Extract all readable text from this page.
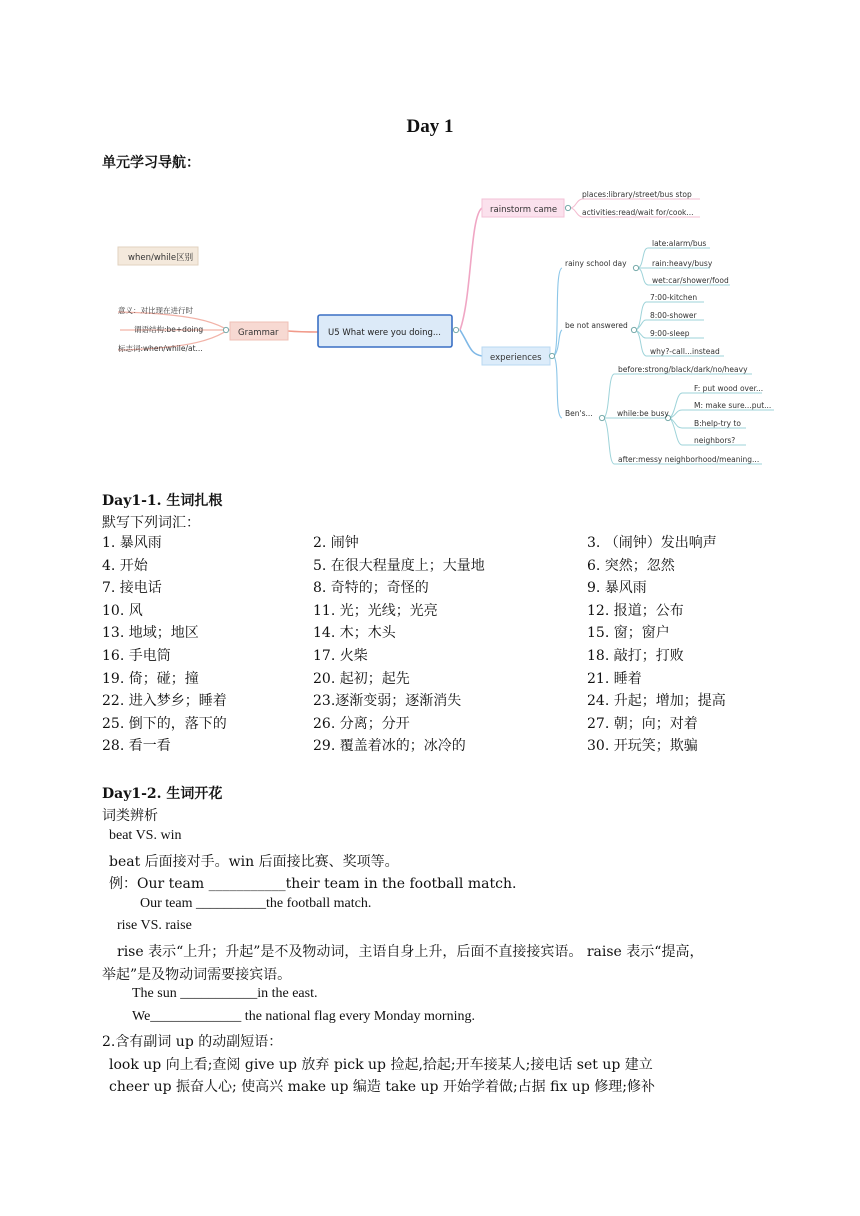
Day 1
单元学习导航：
when/while区别
Grammar	U5 What were you doing...
rainstorm came
experiences
意义：对比现在进行时
谓语结构:be+doing
标志词:when/while/at...
places:library/street/bus stop
activities:read/wait for/cook...
rainy school day
late:alarm/bus
rain:heavy/busy
wet:car/shower/food
be not answered
7:00-kitchen
8:00-shower
9:00-sleep
why?-call...instead
Ben's...
before:strong/black/dark/no/heavy
while:be busy
F: put wood over...
M: make sure...put...
B:help-try to
neighbors?
after:messy neighborhood/meaning...
Day1-1. 生词扎根
默写下列词汇：
1. 暴风雨	2. 闹钟	3. （闹钟）发出响声
4. 开始	5. 在很大程量度上；大量地	6. 突然；忽然
7. 接电话	8. 奇特的；奇怪的	9. 暴风雨
10. 风	11. 光；光线；光亮	12. 报道；公布
13. 地域；地区	14. 木；木头	15. 窗；窗户
16. 手电筒	17. 火柴	18. 敲打；打败
19. 倚；碰；撞	20. 起初；起先	21. 睡着
22. 进入梦乡；睡着	23.逐渐变弱；逐渐消失	24. 升起；增加；提高
25. 倒下的，落下的	26. 分离；分开	27. 朝；向；对着
28. 看一看	29. 覆盖着冰的；冰冷的	30. 开玩笑；欺骗
Day1-2. 生词开花
词类辨析
beat VS. win
beat 后面接对手。win 后面接比赛、奖项等。
例：Our team ___________their team in the football match.
Our team __________the football match.
rise VS. raise
rise 表示“上升；升起”是不及物动词，主语自身上升，后面不直接接宾语。 raise 表示“提高，
举起”是及物动词需要接宾语。
The sun ___________in the east.
We_____________ the national flag every Monday morning.
2.含有副词 up 的动副短语：
look up 向上看;查阅 give up 放弃 pick up 捡起,拾起;开车接某人;接电话 set up 建立
cheer up 振奋人心; 使高兴 make up 编造 take up 开始学着做;占据 fix up 修理;修补
